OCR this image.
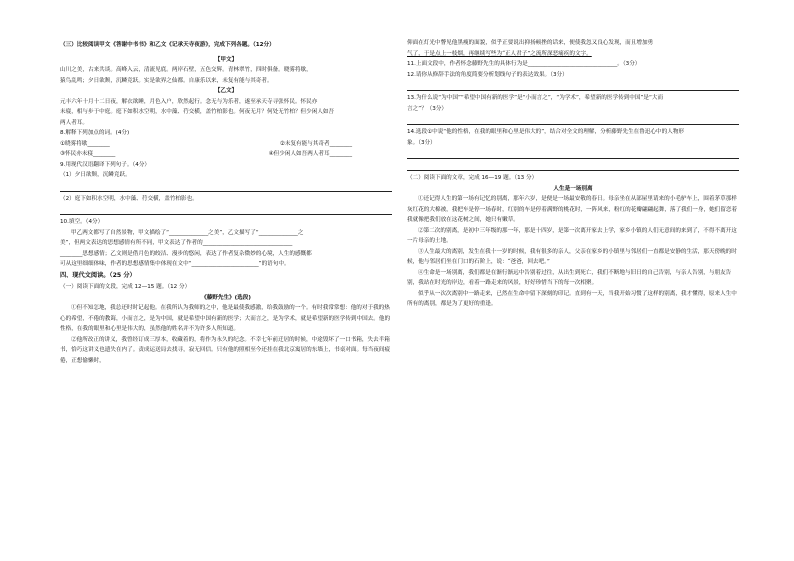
（三）比较阅读甲文《答谢中书书》和乙文《记承天寺夜游》，完成下列各题。（12分）

【甲文】

山川之美，古来共谈。高峰入云，清流见底。两岸石壁，五色交辉。青林翠竹，四时俱备。晓雾将歇，

猿鸟乱鸣；夕日欲颓，沉鳞竞跃。实是欲界之仙都。自康乐以来，未复有能与其奇者。

【乙文】

元丰六年十月十二日夜，解衣欲睡，月色入户，欣然起行。念无与为乐者，遂至承天寺寻张怀民。怀民亦

未寝，相与步于中庭。庭下如积水空明，水中藻、荇交横，盖竹柏影也。何夜无月？何处无竹柏？但少闲人如吾

两人者耳。

8.解释下列加点的词。(4分)

①晓雾将歇________	②未复有能与其奇者________
③怀民亦未寝________	④但少闲人如吾两人者耳________

9.用现代汉语翻译下列句子。（4分）

（1）夕日欲颓，沉鳞竞跃。

（2）庭下如积水空明，水中藻、荇交横，盖竹柏影也。

10.填空。（4分）

甲乙两文都写了自然景物，甲文描绘了“______________之美”，乙文描写了“______________之

美”，但两文表达的思想感情有所不同，甲文表达了作者的________________________________

________思想感情；乙文则是借月色的皎洁、漫步的悠闲，表达了作者复杂微妙的心境，人生的感慨都

可从这里细细体味，作者的思想感情集中体现在文中“________________________”的语句中。

四、现代文阅读。（25 分）

（一）阅读下面的文段，完成 12—15 题。（12 分）

《藤野先生》(选段)

①但不知怎地，我总还时时记起他。在我所认为我师的之中，他是最使我感激，给我鼓励的一个。有时我常常想：他的对于我的热心的希望，不倦的教诲，小而言之，是为中国，就是希望中国有新的医学；大而言之，是为学术，就是希望新的医学传到中国去。他的性格，在我的眼里和心里是伟大的，虽然他的姓名并不为许多人所知道。

②他所改正的讲义，我曾经订成三厚本，收藏着的，将作为永久的纪念。不幸七年前迁居的时候，中途毁坏了一口书箱，失去半箱书，恰巧这讲义也遗失在内了。责成运送局去找寻，寂无回信。只有他的照相至今还挂在我北京寓居的东墙上，书桌对面。每当夜间疲倦，正想偷懒时，

仰面在灯光中瞥见他黑瘦的面貌，似乎正要说出抑扬顿挫的话来，便使我忽又良心发现，而且增加勇

气了，于是点上一枝烟，再继续写些为“正人君子”之流所深恶痛疾的文字。

11.上面文段中，作者怀念藤野先生的具体行为是________________________________。（3分）

12.请你从修辞手法的角度简要分析划线句子的表达效果。（3分）

13.为什么说“为中国”“希望中国有新的医学”是“小而言之”，“为学术”，希望新的医学传到中国”是“大而

言之”？（3分）

14.选段①中说“他的性格，在我的眼里和心里是伟大的”，结合对全文的理解，分析藤野先生在鲁迅心中的人物形

象。（3分）

（二）阅读下面的文章，完成 16—19 题。（13 分）

人生是一场别离

①还记得人生的第一场有记忆的别离，那年六岁，是便是一场最安敬的春日。母亲坐在从部屋里请来的小毛驴车上，围着茅草那样灰红花的大棉被，我把车是停一场春时，红别的车是停着满野的桃花时，一阵风来，粉红的花瓣翩翩起舞，落了我们一身，她们留恋着我就像把我们放在这花树之间，她只有嫩草。

②第二次的别离，是初中三年级的那一年，那是十四岁，是第一次离开家去上学，家乡小镇的人们无意间的来到了，不得不离开这一片母亲的土地。

③人生最大的离别，发生在我十一岁的时候，我有很多的亲人，父亲在家乡的小镇里与邻居们一直都是安静的生活，那天傍晚的时候，他与邻居们坐在门口的石阶上，说：“爸爸，回去吧。”

④生命是一场别离，我们都是在渐行渐远中告别着过往，从出生到死亡，我们不断地与旧日的自己告别，与亲人告别，与朋友告别，我站在时光的岸边，看着一路走来的风景，好好珍惜当下的每一次相聚。

似乎从一次次离别中一路走来，已然在生命中留下深刻的印记。直到有一天，当我开始习惯了这样的别离，我才懂得，原来人生中所有的离别，都是为了更好的重逢。
